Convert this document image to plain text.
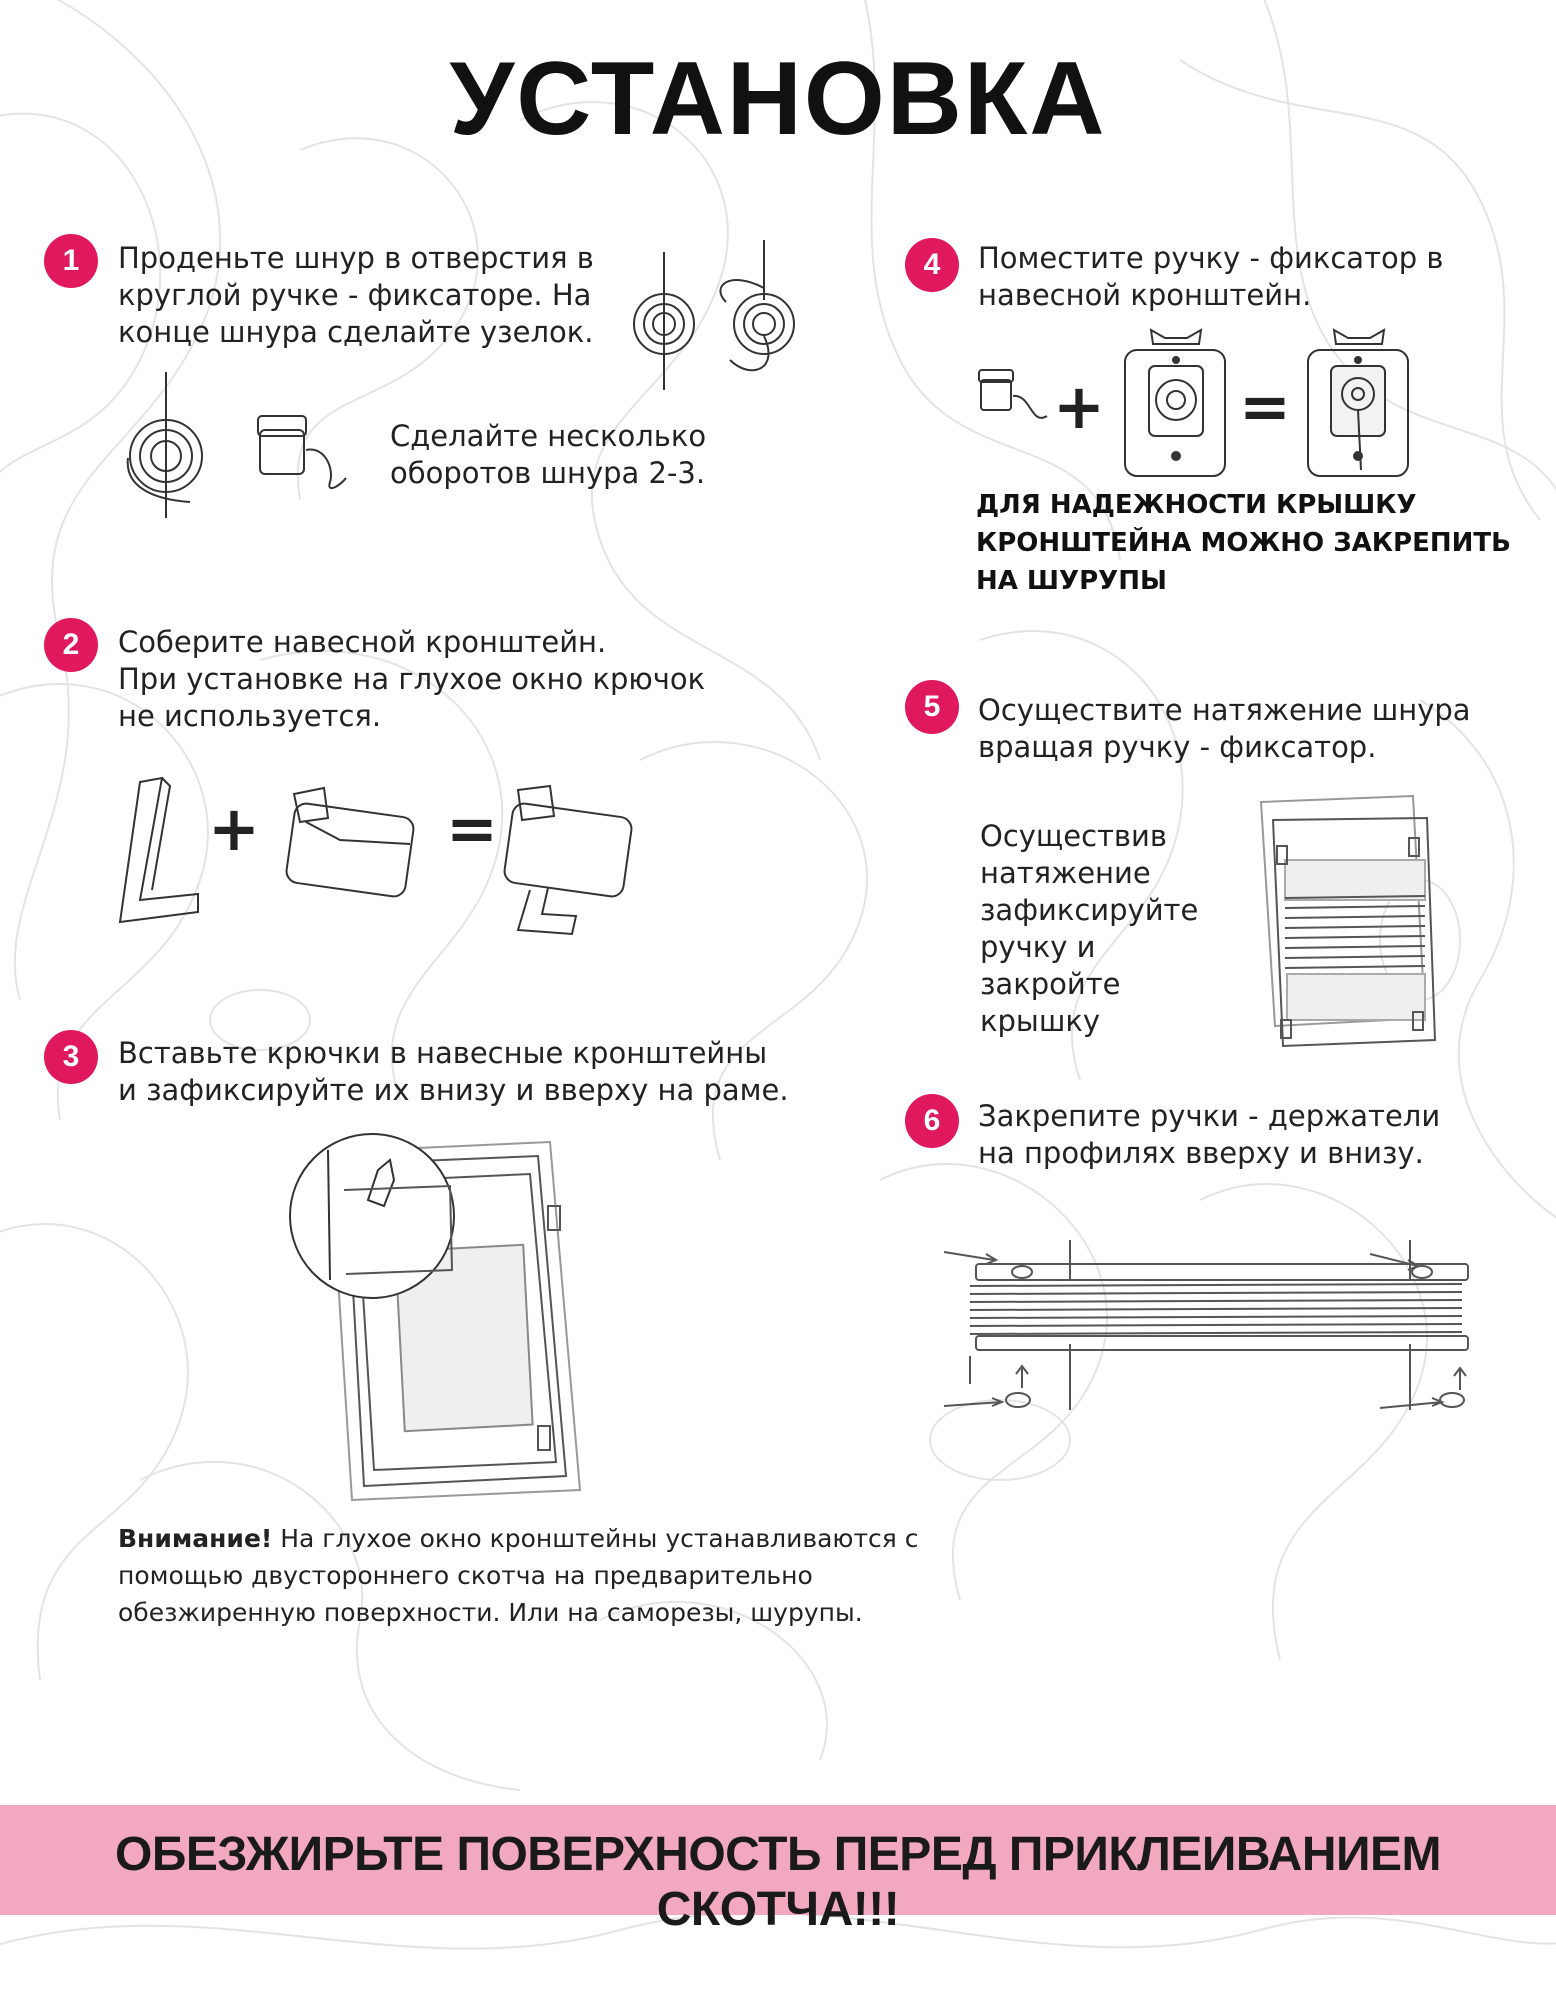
УСТАНОВКА
1	Проденьте шнур в отверстия в
круглой ручке - фиксаторе. На
конце шнура сделайте узелок.
Сделайте несколько
оборотов шнура 2-3.
2	Соберите навесной кронштейн.
При установке на глухое окно крючок
не используется.
+	=
3	Вставьте крючки в навесные кронштейны
и зафиксируйте их внизу и вверху на раме.
Внимание! На глухое окно кронштейны устанавливаются с помощью двустороннего скотча на предварительно обезжиренную поверхности. Или на саморезы, шурупы.
4	Поместите ручку - фиксатор в
навесной кронштейн.
+ =
ДЛЯ НАДЕЖНОСТИ КРЫШКУ
КРОНШТЕЙНА МОЖНО ЗАКРЕПИТЬ
НА ШУРУПЫ
5	Осуществите натяжение шнура
вращая ручку - фиксатор.
Осуществив
натяжение
зафиксируйте
ручку и закройте
крышку
6	Закрепите ручки - держатели
на профилях вверху и внизу.
ОБЕЗЖИРЬТЕ ПОВЕРХНОСТЬ ПЕРЕД ПРИКЛЕИВАНИЕМ СКОТЧА!!!
